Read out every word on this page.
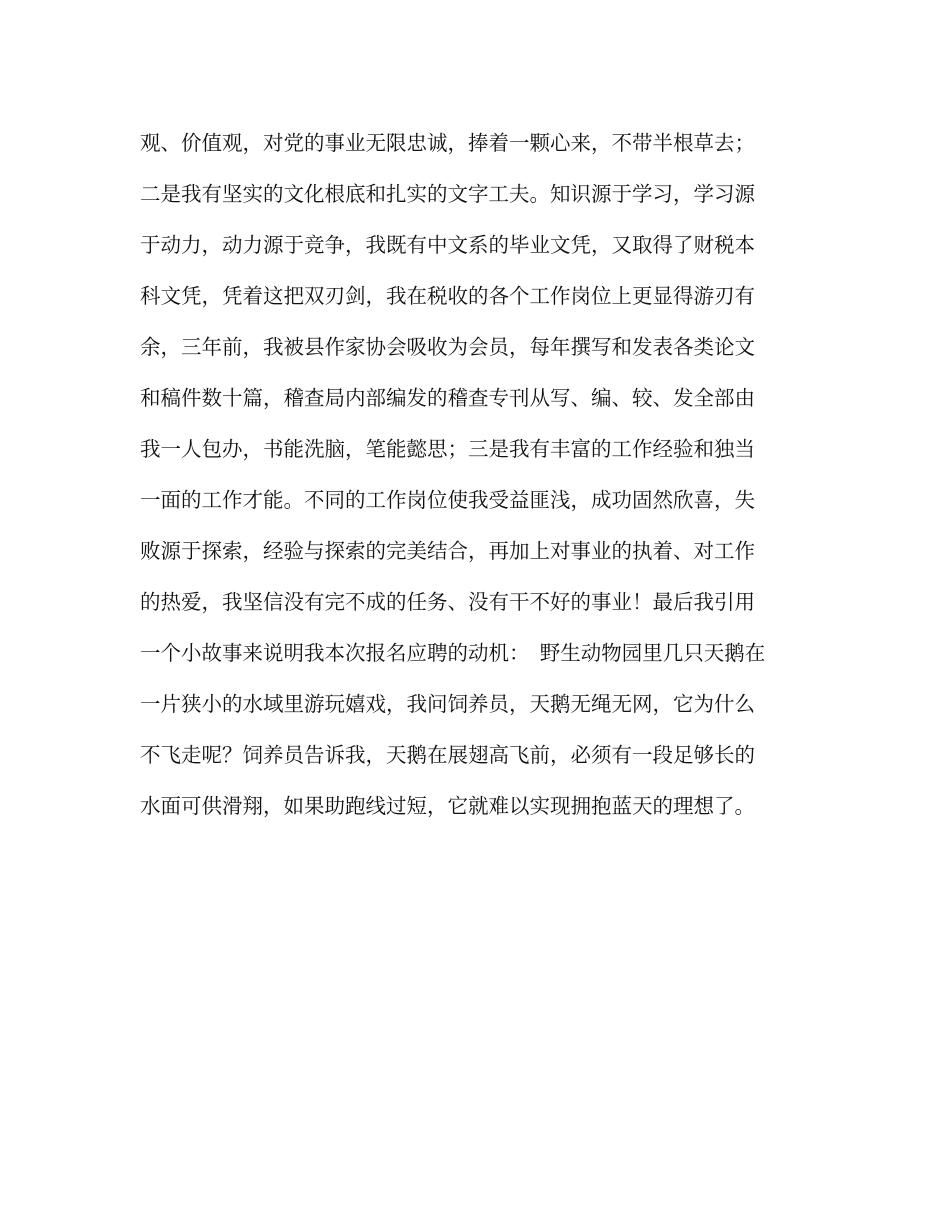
观、价值观，对党的事业无限忠诚，捧着一颗心来，不带半根草去；
二是我有坚实的文化根底和扎实的文字工夫。知识源于学习，学习源
于动力，动力源于竞争，我既有中文系的毕业文凭，又取得了财税本
科文凭，凭着这把双刃剑，我在税收的各个工作岗位上更显得游刃有
余，三年前，我被县作家协会吸收为会员，每年撰写和发表各类论文
和稿件数十篇，稽查局内部编发的稽查专刊从写、编、较、发全部由
我一人包办，书能洗脑，笔能懿思；三是我有丰富的工作经验和独当
一面的工作才能。不同的工作岗位使我受益匪浅，成功固然欣喜，失
败源于探索，经验与探索的完美结合，再加上对事业的执着、对工作
的热爱，我坚信没有完不成的任务、没有干不好的事业！最后我引用
一个小故事来说明我本次报名应聘的动机：　野生动物园里几只天鹅在
一片狭小的水域里游玩嬉戏，我问饲养员，天鹅无绳无网，它为什么
不飞走呢？饲养员告诉我，天鹅在展翅高飞前，必须有一段足够长的
水面可供滑翔，如果助跑线过短，它就难以实现拥抱蓝天的理想了。
